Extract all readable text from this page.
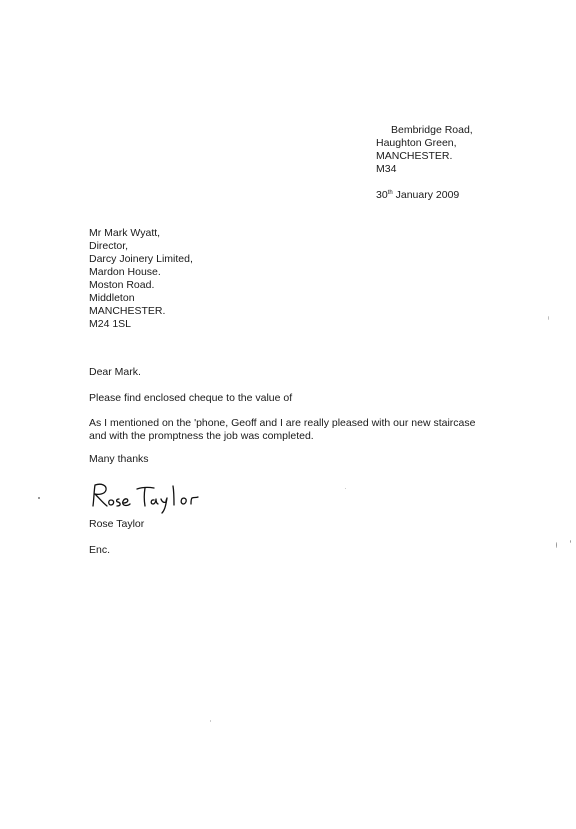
Bembridge Road,
Haughton Green,
MANCHESTER.
M34
30th January 2009
Mr Mark Wyatt,
Director,
Darcy Joinery Limited,
Mardon House.
Moston Road.
Middleton
MANCHESTER.
M24 1SL
Dear Mark.
Please find enclosed cheque to the value of
As I mentioned on the 'phone, Geoff and I are really pleased with our new staircase
and with the promptness the job was completed.
Many thanks
Rose Taylor
Enc.
